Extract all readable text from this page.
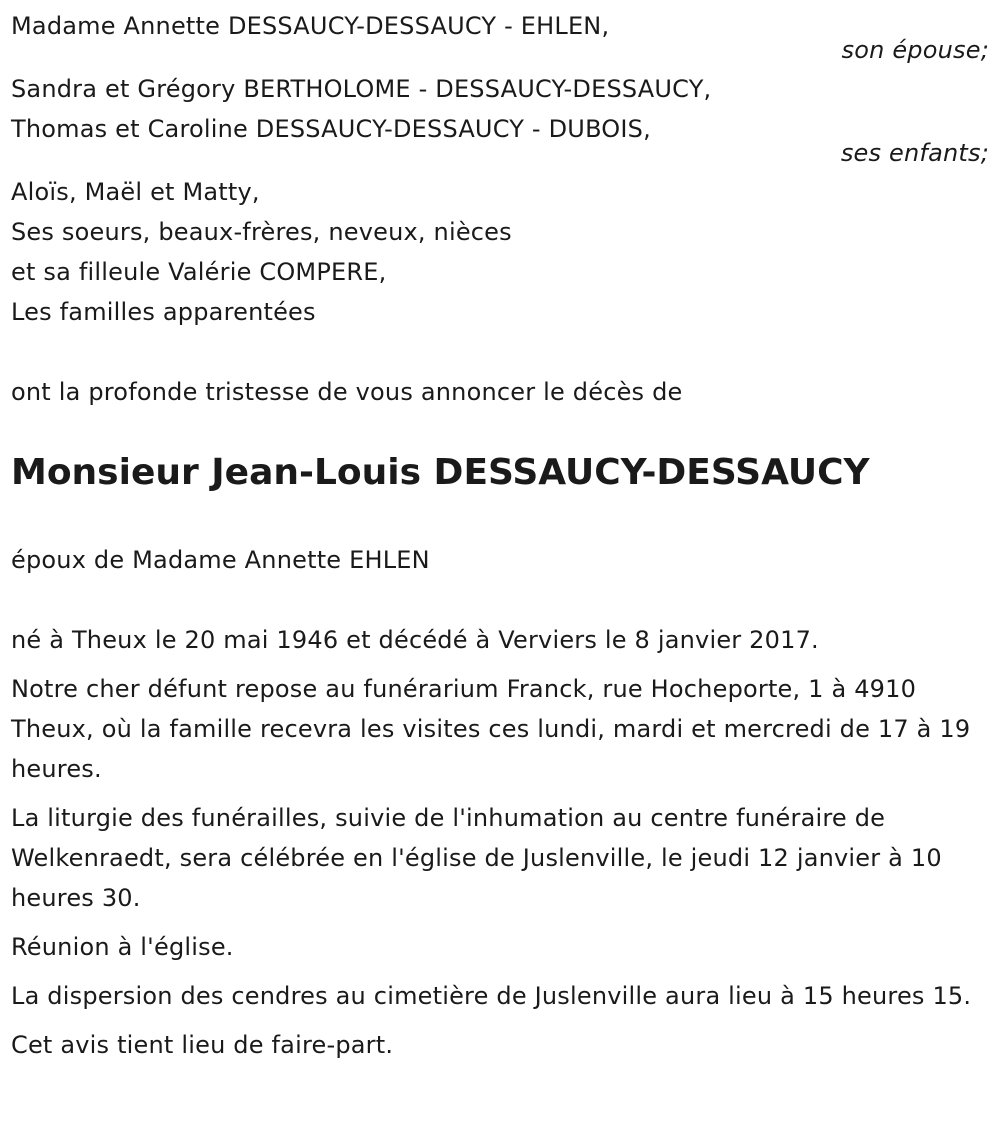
Madame Annette DESSAUCY-DESSAUCY - EHLEN,
son épouse;
Sandra et Grégory BERTHOLOME - DESSAUCY-DESSAUCY,
Thomas et Caroline DESSAUCY-DESSAUCY - DUBOIS,
ses enfants;
Aloïs, Maël et Matty,
Ses soeurs, beaux-frères, neveux, nièces
et sa filleule Valérie COMPERE,
Les familles apparentées
ont la profonde tristesse de vous annoncer le décès de
Monsieur Jean-Louis DESSAUCY-DESSAUCY
époux de Madame Annette EHLEN

né à Theux le 20 mai 1946 et décédé à Verviers le 8 janvier 2017.

Notre cher défunt repose au funérarium Franck, rue Hocheporte, 1 à 4910 Theux, où la famille recevra les visites ces lundi, mardi et mercredi de 17 à 19 heures.

La liturgie des funérailles, suivie de l'inhumation au centre funéraire de Welkenraedt, sera célébrée en l'église de Juslenville, le jeudi 12 janvier à 10 heures 30.

Réunion à l'église.

La dispersion des cendres au cimetière de Juslenville aura lieu à 15 heures 15.

Cet avis tient lieu de faire-part.
